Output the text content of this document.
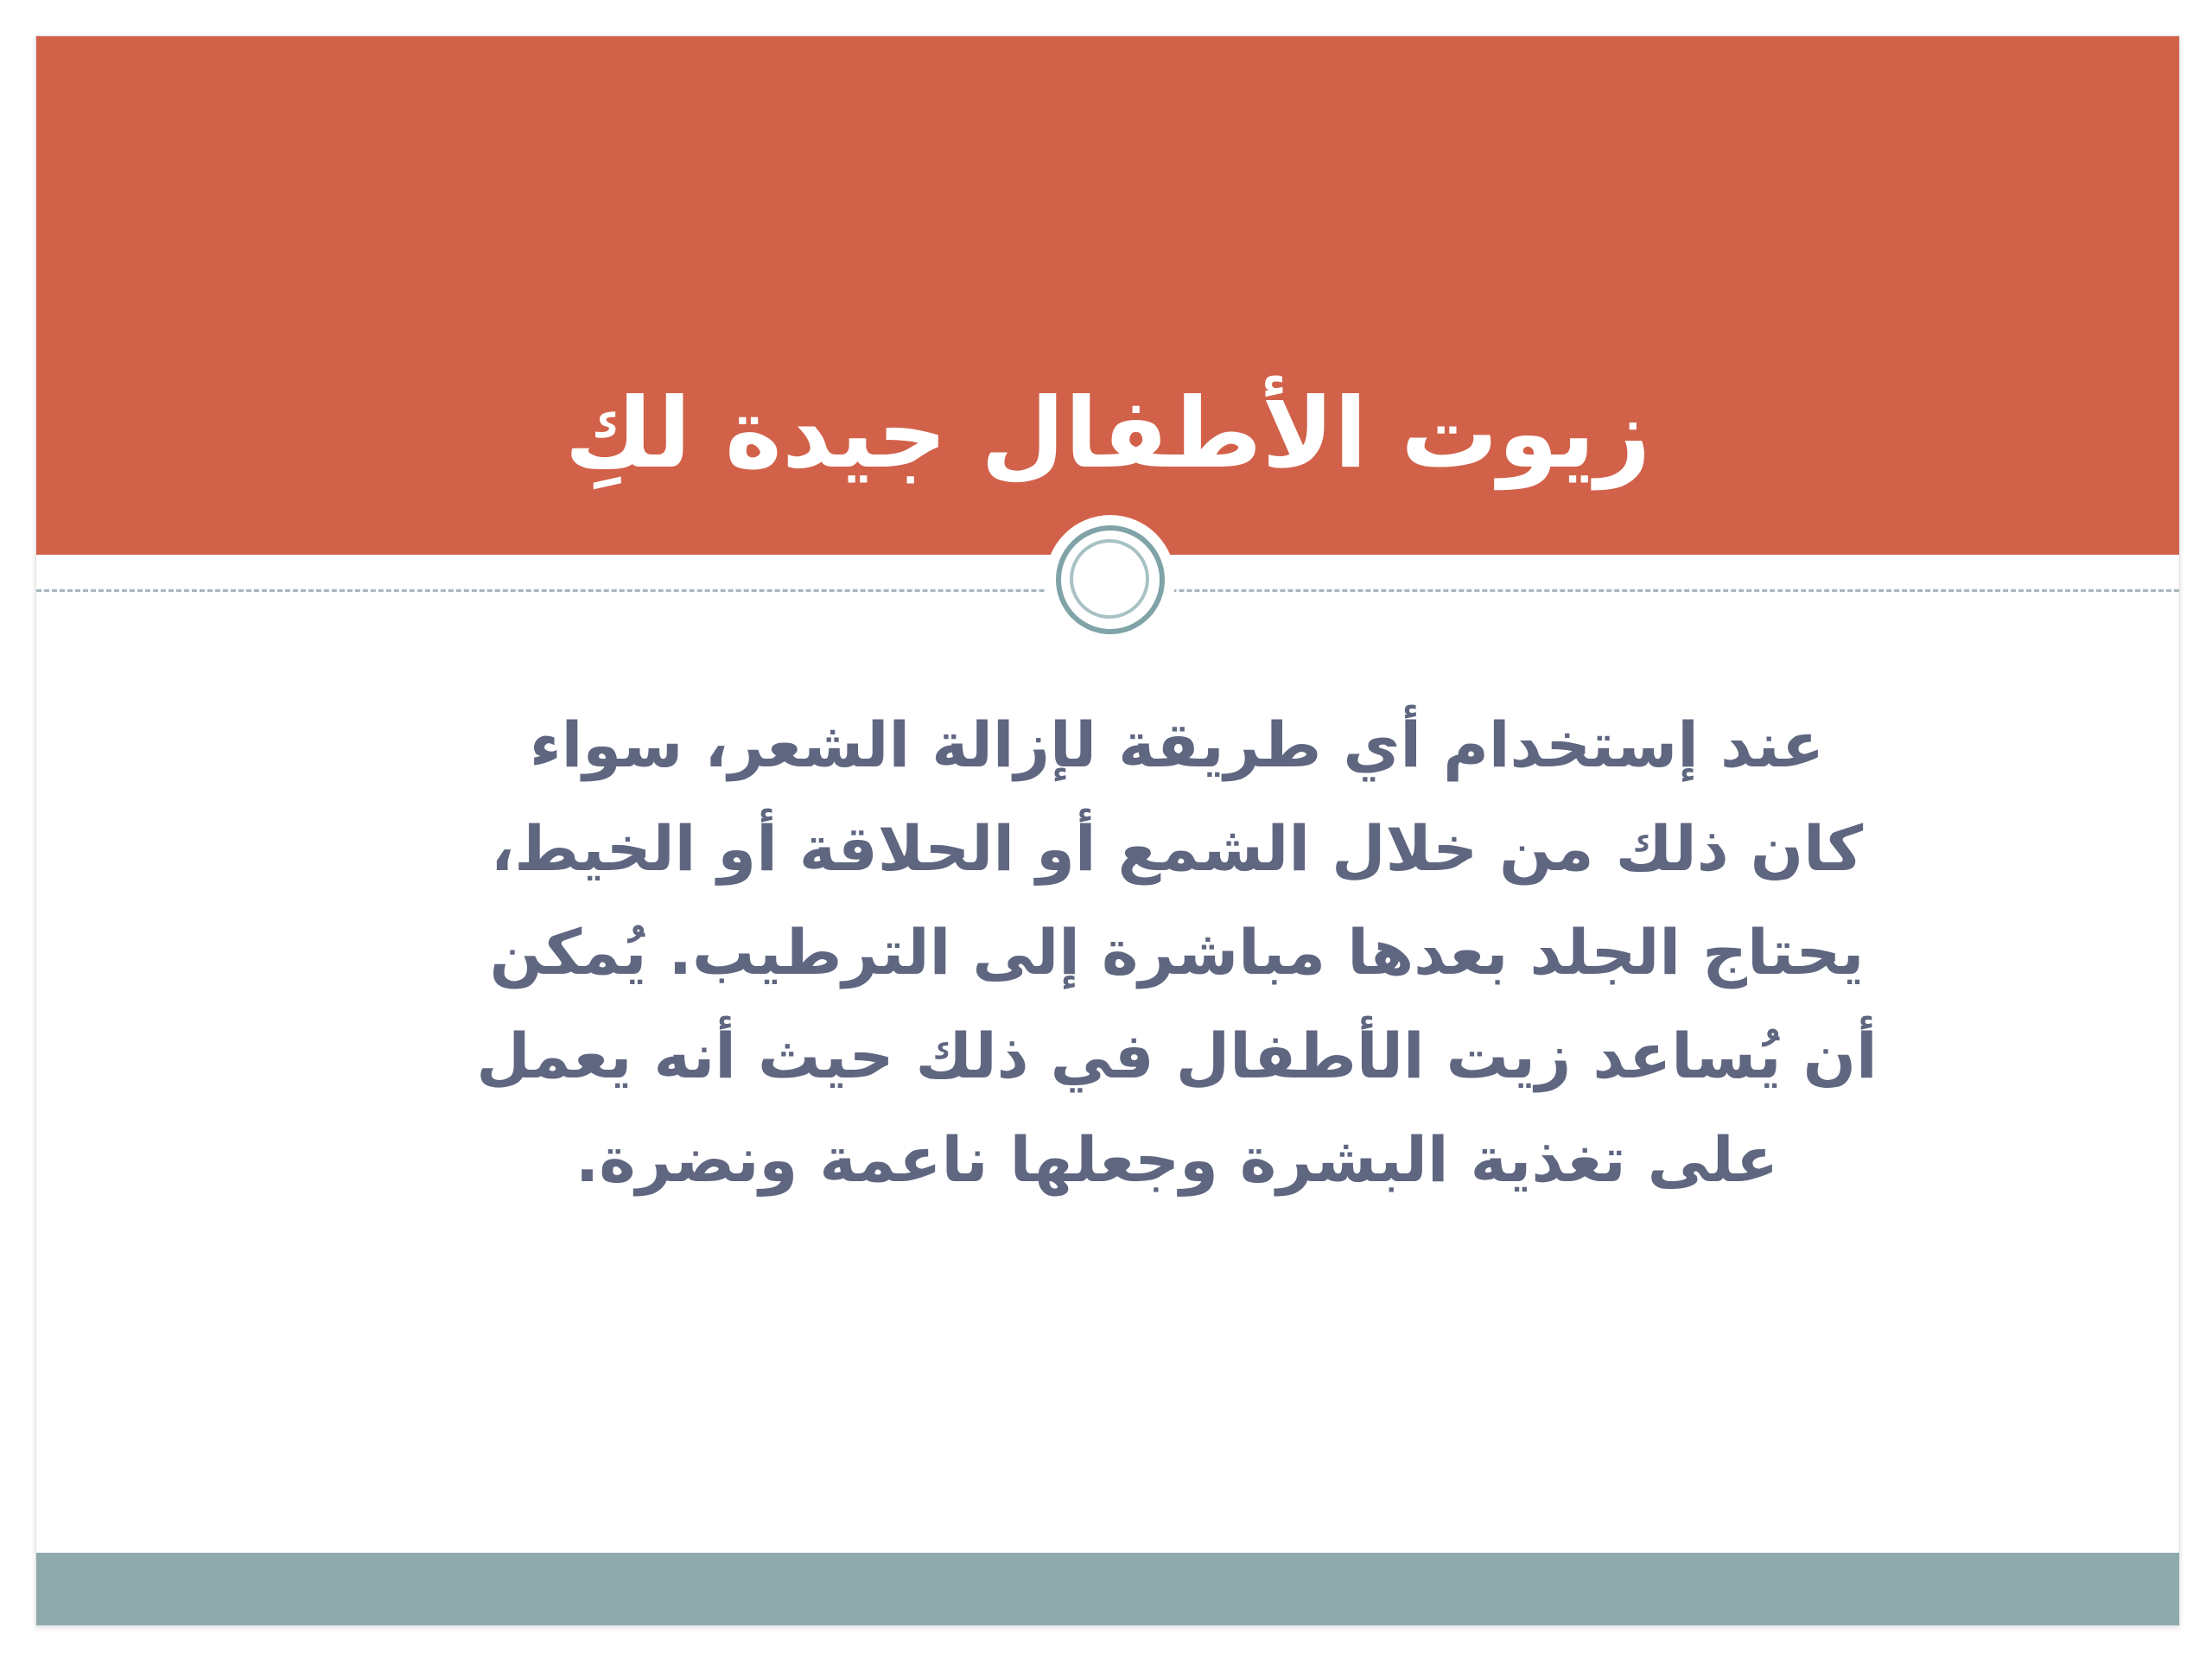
زيوت الأطفال جيدة لكِ
عند إستخدام أي طريقة لإزالة الشعر، سواء
كان ذلك من خلال الشمع أو الحلاقة أو الخيط،
يحتاج الجلد بعدها مباشرة إلى الترطيب. يُمكن
أن يُساعد زيت الأطفال في ذلك حيث أنه يعمل
على تغذية البشرة وجعلها ناعمة ونضرة.
